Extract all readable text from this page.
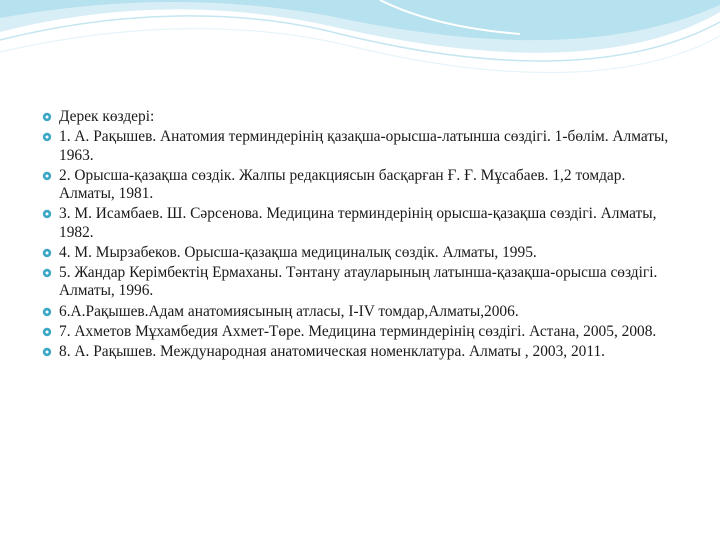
Дерек көздері:
1. А. Рақышев. Анатомия терминдерінің қазақша-орысша-латынша сөздігі. 1-бөлім. Алматы, 1963.
2. Орысша-қазақша сөздік. Жалпы редакциясын басқарған Ғ. Ғ. Мұсабаев. 1,2 томдар. Алматы, 1981.
3. М. Исамбаев. Ш. Сәрсенова. Медицина терминдерінің орысша-қазақша сөздігі. Алматы, 1982.
4. М. Мырзабеков. Орысша-қазақша медициналық сөздік. Алматы, 1995.
5. Жандар Керімбектің Ермаханы. Тәнтану атауларының латынша-қазақша-орысша сөздігі. Алматы, 1996.
6.А.Рақышев.Адам анатомиясының атласы, I-IV томдар,Алматы,2006.
7. Ахметов Мұхамбедия Ахмет-Төре. Медицина терминдерінің сөздігі. Астана, 2005, 2008.
8. А. Рақышев. Международная анатомическая номенклатура. Алматы , 2003, 2011.
